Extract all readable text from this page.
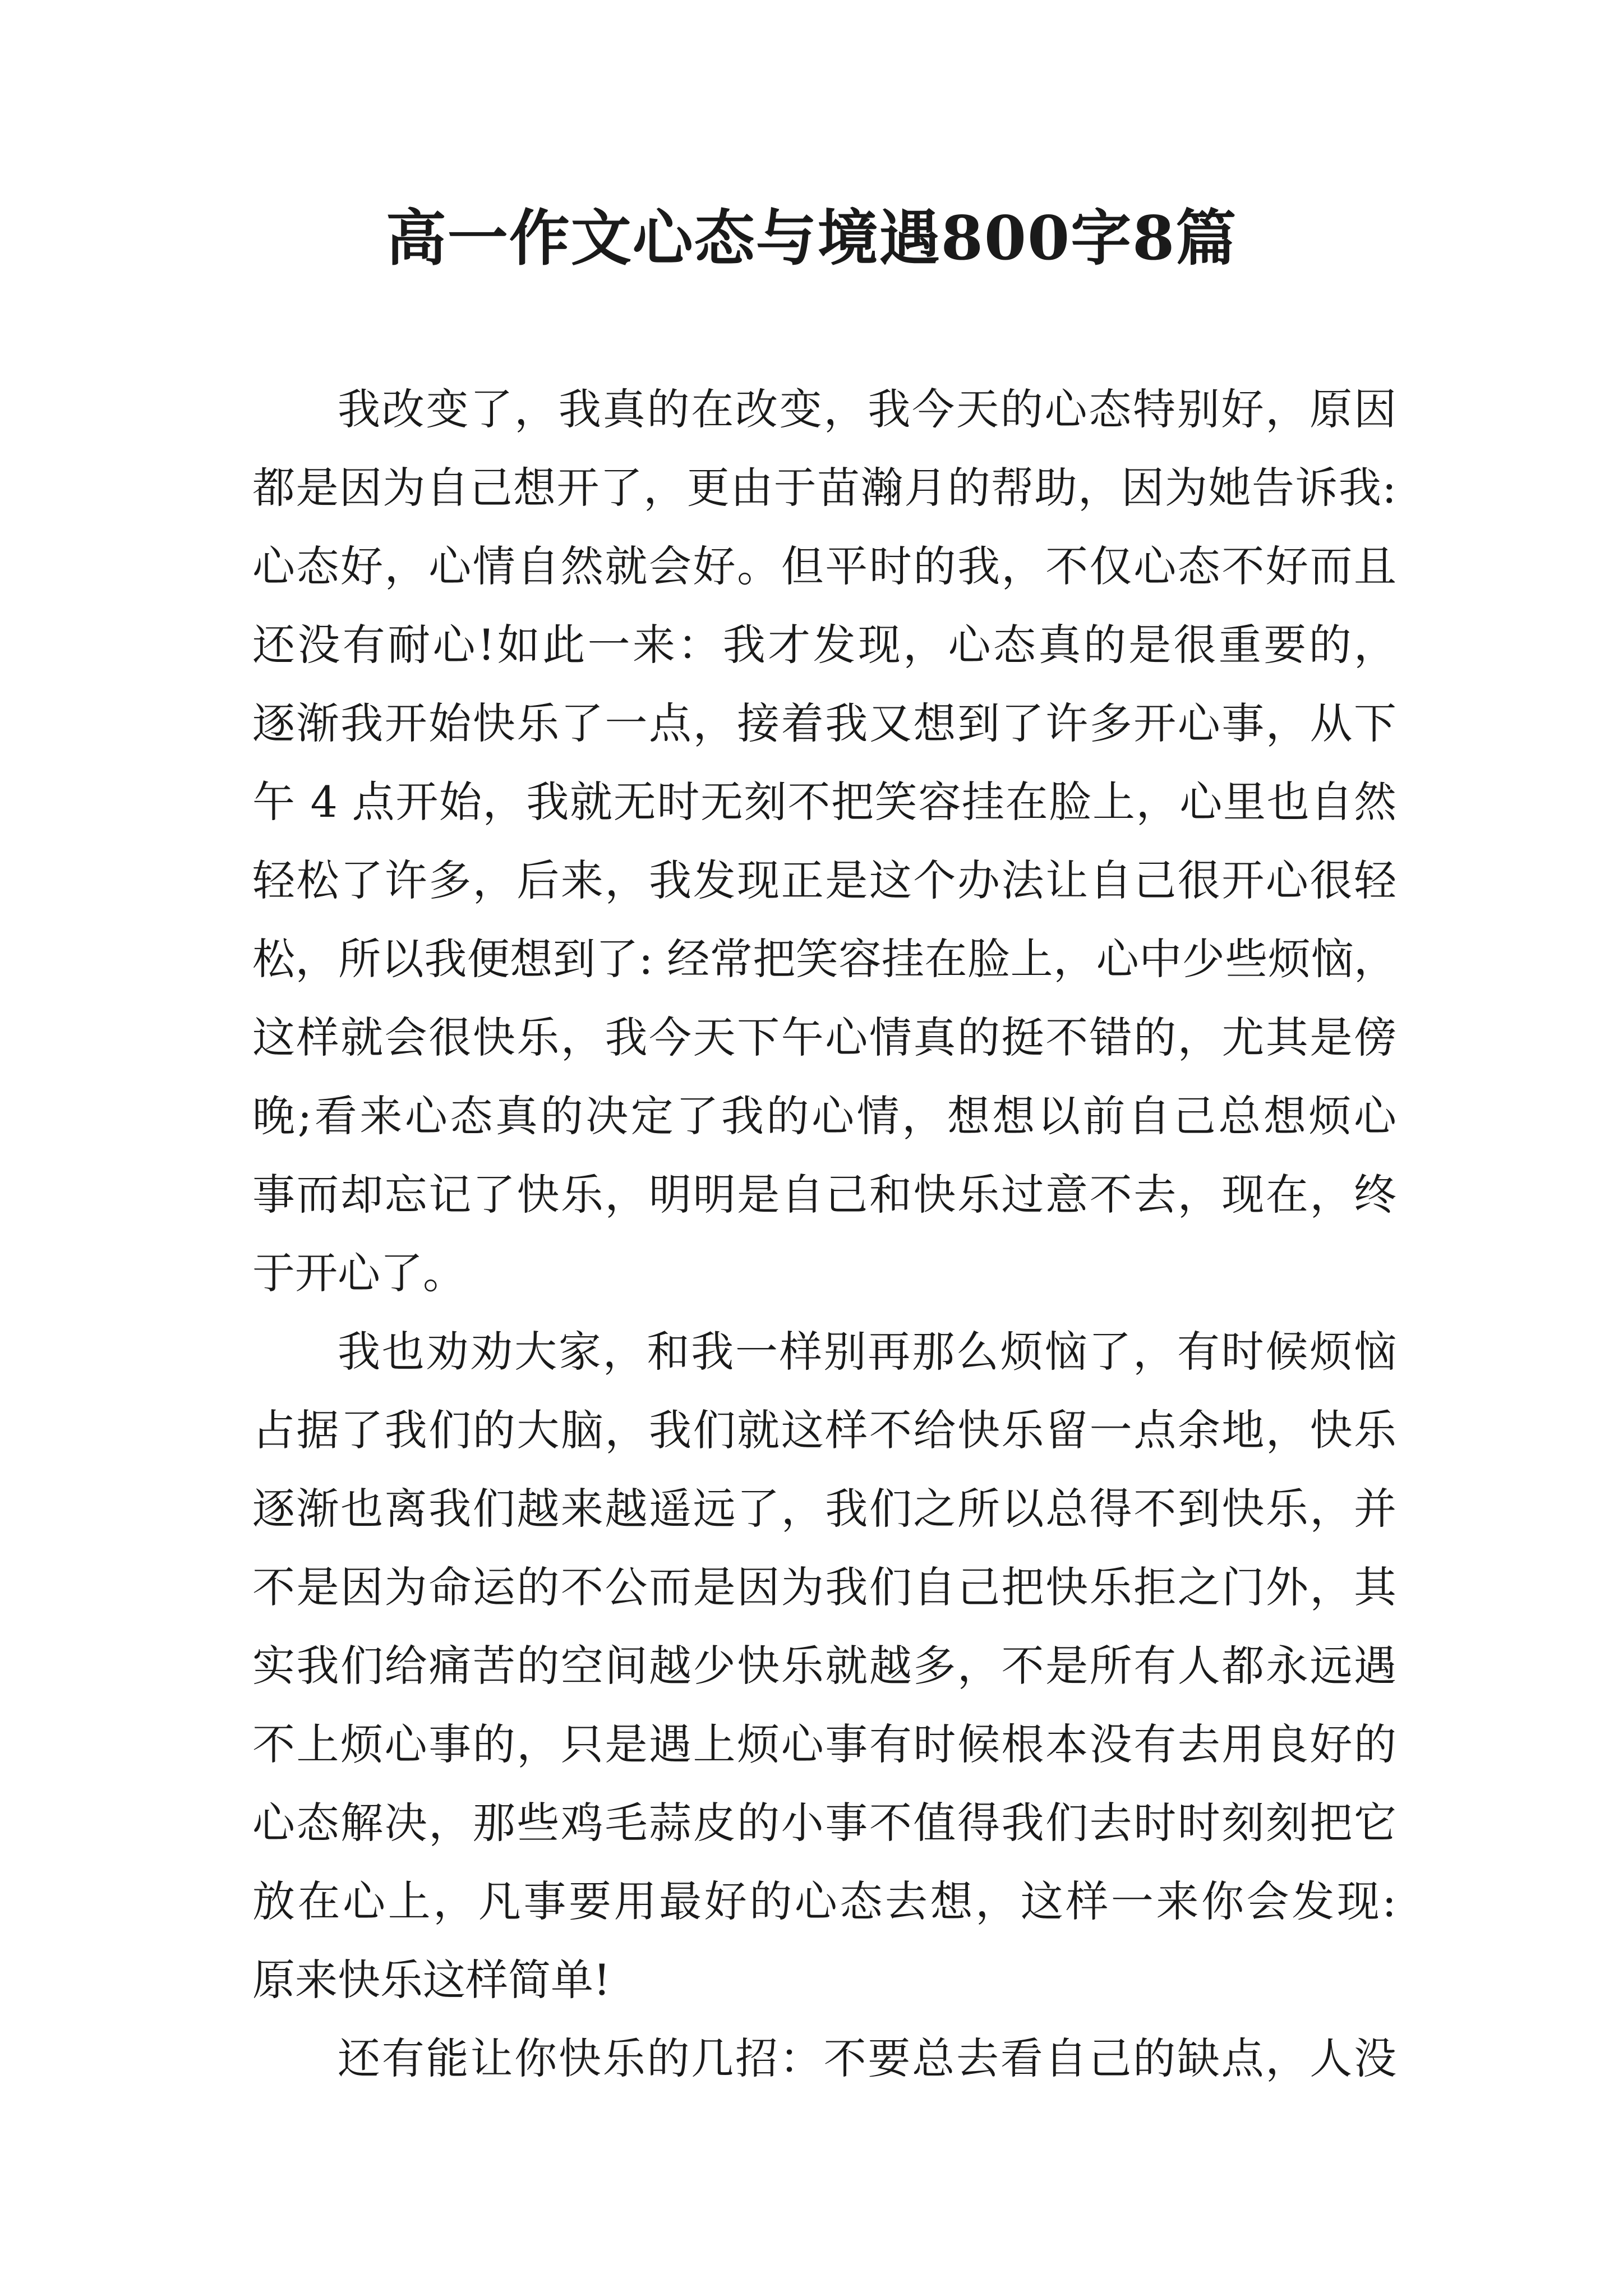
高一作文心态与境遇800字8篇
我改变了，我真的在改变，我今天的心态特别好，原因
都是因为自己想开了，更由于苗瀚月的帮助，因为她告诉我:
心态好，心情自然就会好。但平时的我，不仅心态不好而且
还没有耐心!如此一来：我才发现，心态真的是很重要的，
逐渐我开始快乐了一点，接着我又想到了许多开心事，从下
午 4 点开始，我就无时无刻不把笑容挂在脸上，心里也自然
轻松了许多，后来，我发现正是这个办法让自己很开心很轻
松，所以我便想到了: 经常把笑容挂在脸上，心中少些烦恼，
这样就会很快乐，我今天下午心情真的挺不错的，尤其是傍
晚;看来心态真的决定了我的心情，想想以前自己总想烦心
事而却忘记了快乐，明明是自己和快乐过意不去，现在，终
于开心了。
我也劝劝大家，和我一样别再那么烦恼了，有时候烦恼
占据了我们的大脑，我们就这样不给快乐留一点余地，快乐
逐渐也离我们越来越遥远了，我们之所以总得不到快乐，并
不是因为命运的不公而是因为我们自己把快乐拒之门外，其
实我们给痛苦的空间越少快乐就越多，不是所有人都永远遇
不上烦心事的，只是遇上烦心事有时候根本没有去用良好的
心态解决，那些鸡毛蒜皮的小事不值得我们去时时刻刻把它
放在心上，凡事要用最好的心态去想，这样一来你会发现:
原来快乐这样简单!
还有能让你快乐的几招：不要总去看自己的缺点，人没
